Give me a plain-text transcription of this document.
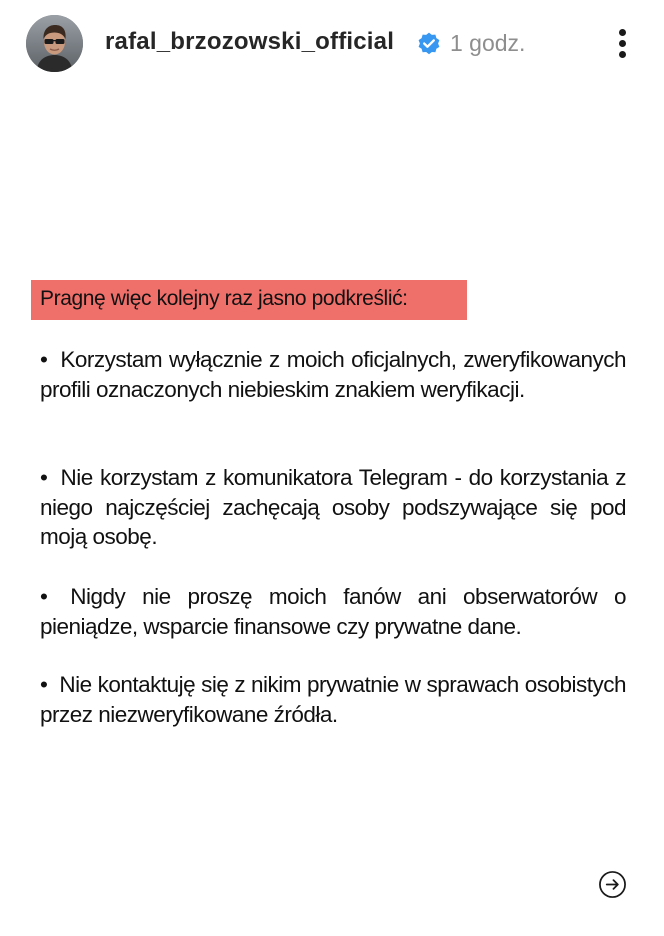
rafal_brzozowski_official 1 godz.
Pragnę więc kolejny raz jasno podkreślić:
• Korzystam wyłącznie z moich oficjalnych, zweryfikowanych profili oznaczonych niebieskim znakiem weryfikacji.
• Nie korzystam z komunikatora Telegram - do korzystania z niego najczęściej zachęcają osoby podszywające się pod moją osobę.
• Nigdy nie proszę moich fanów ani obserwatorów o pieniądze, wsparcie finansowe czy prywatne dane.
• Nie kontaktuję się z nikim prywatnie w sprawach osobistych przez niezweryfikowane źródła.
